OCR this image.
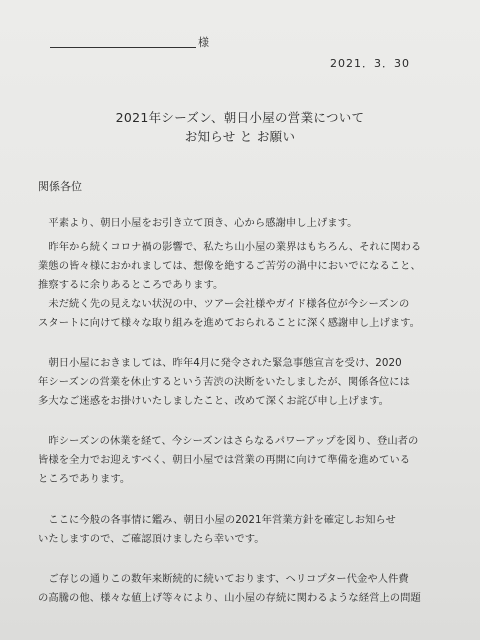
様
2021．3．30
2021年シーズン、朝日小屋の営業について
お知らせ と お願い
関係各位
　平素より、朝日小屋をお引き立て頂き、心から感謝申し上げます。
　昨年から続くコロナ禍の影響で、私たち山小屋の業界はもちろん、それに関わる
業態の皆々様におかれましては、想像を絶するご苦労の渦中においでになること、
推察するに余りあるところであります。
　未だ続く先の見えない状況の中、ツアー会社様やガイド様各位が今シーズンの
スタートに向けて様々な取り組みを進めておられることに深く感謝申し上げます。
　朝日小屋におきましては、昨年4月に発令された緊急事態宣言を受け、2020
年シーズンの営業を休止するという苦渋の決断をいたしましたが、関係各位には
多大なご迷惑をお掛けいたしましたこと、改めて深くお詫び申し上げます。
　昨シーズンの休業を経て、今シーズンはさらなるパワーアップを図り、登山者の
皆様を全力でお迎えすべく、朝日小屋では営業の再開に向けて準備を進めている
ところであります。
　ここに今般の各事情に鑑み、朝日小屋の2021年営業方針を確定しお知らせ
いたしますので、ご確認頂けましたら幸いです。
　ご存じの通りこの数年来断続的に続いております、ヘリコプター代金や人件費
の高騰の他、様々な値上げ等々により、山小屋の存続に関わるような経営上の問題
